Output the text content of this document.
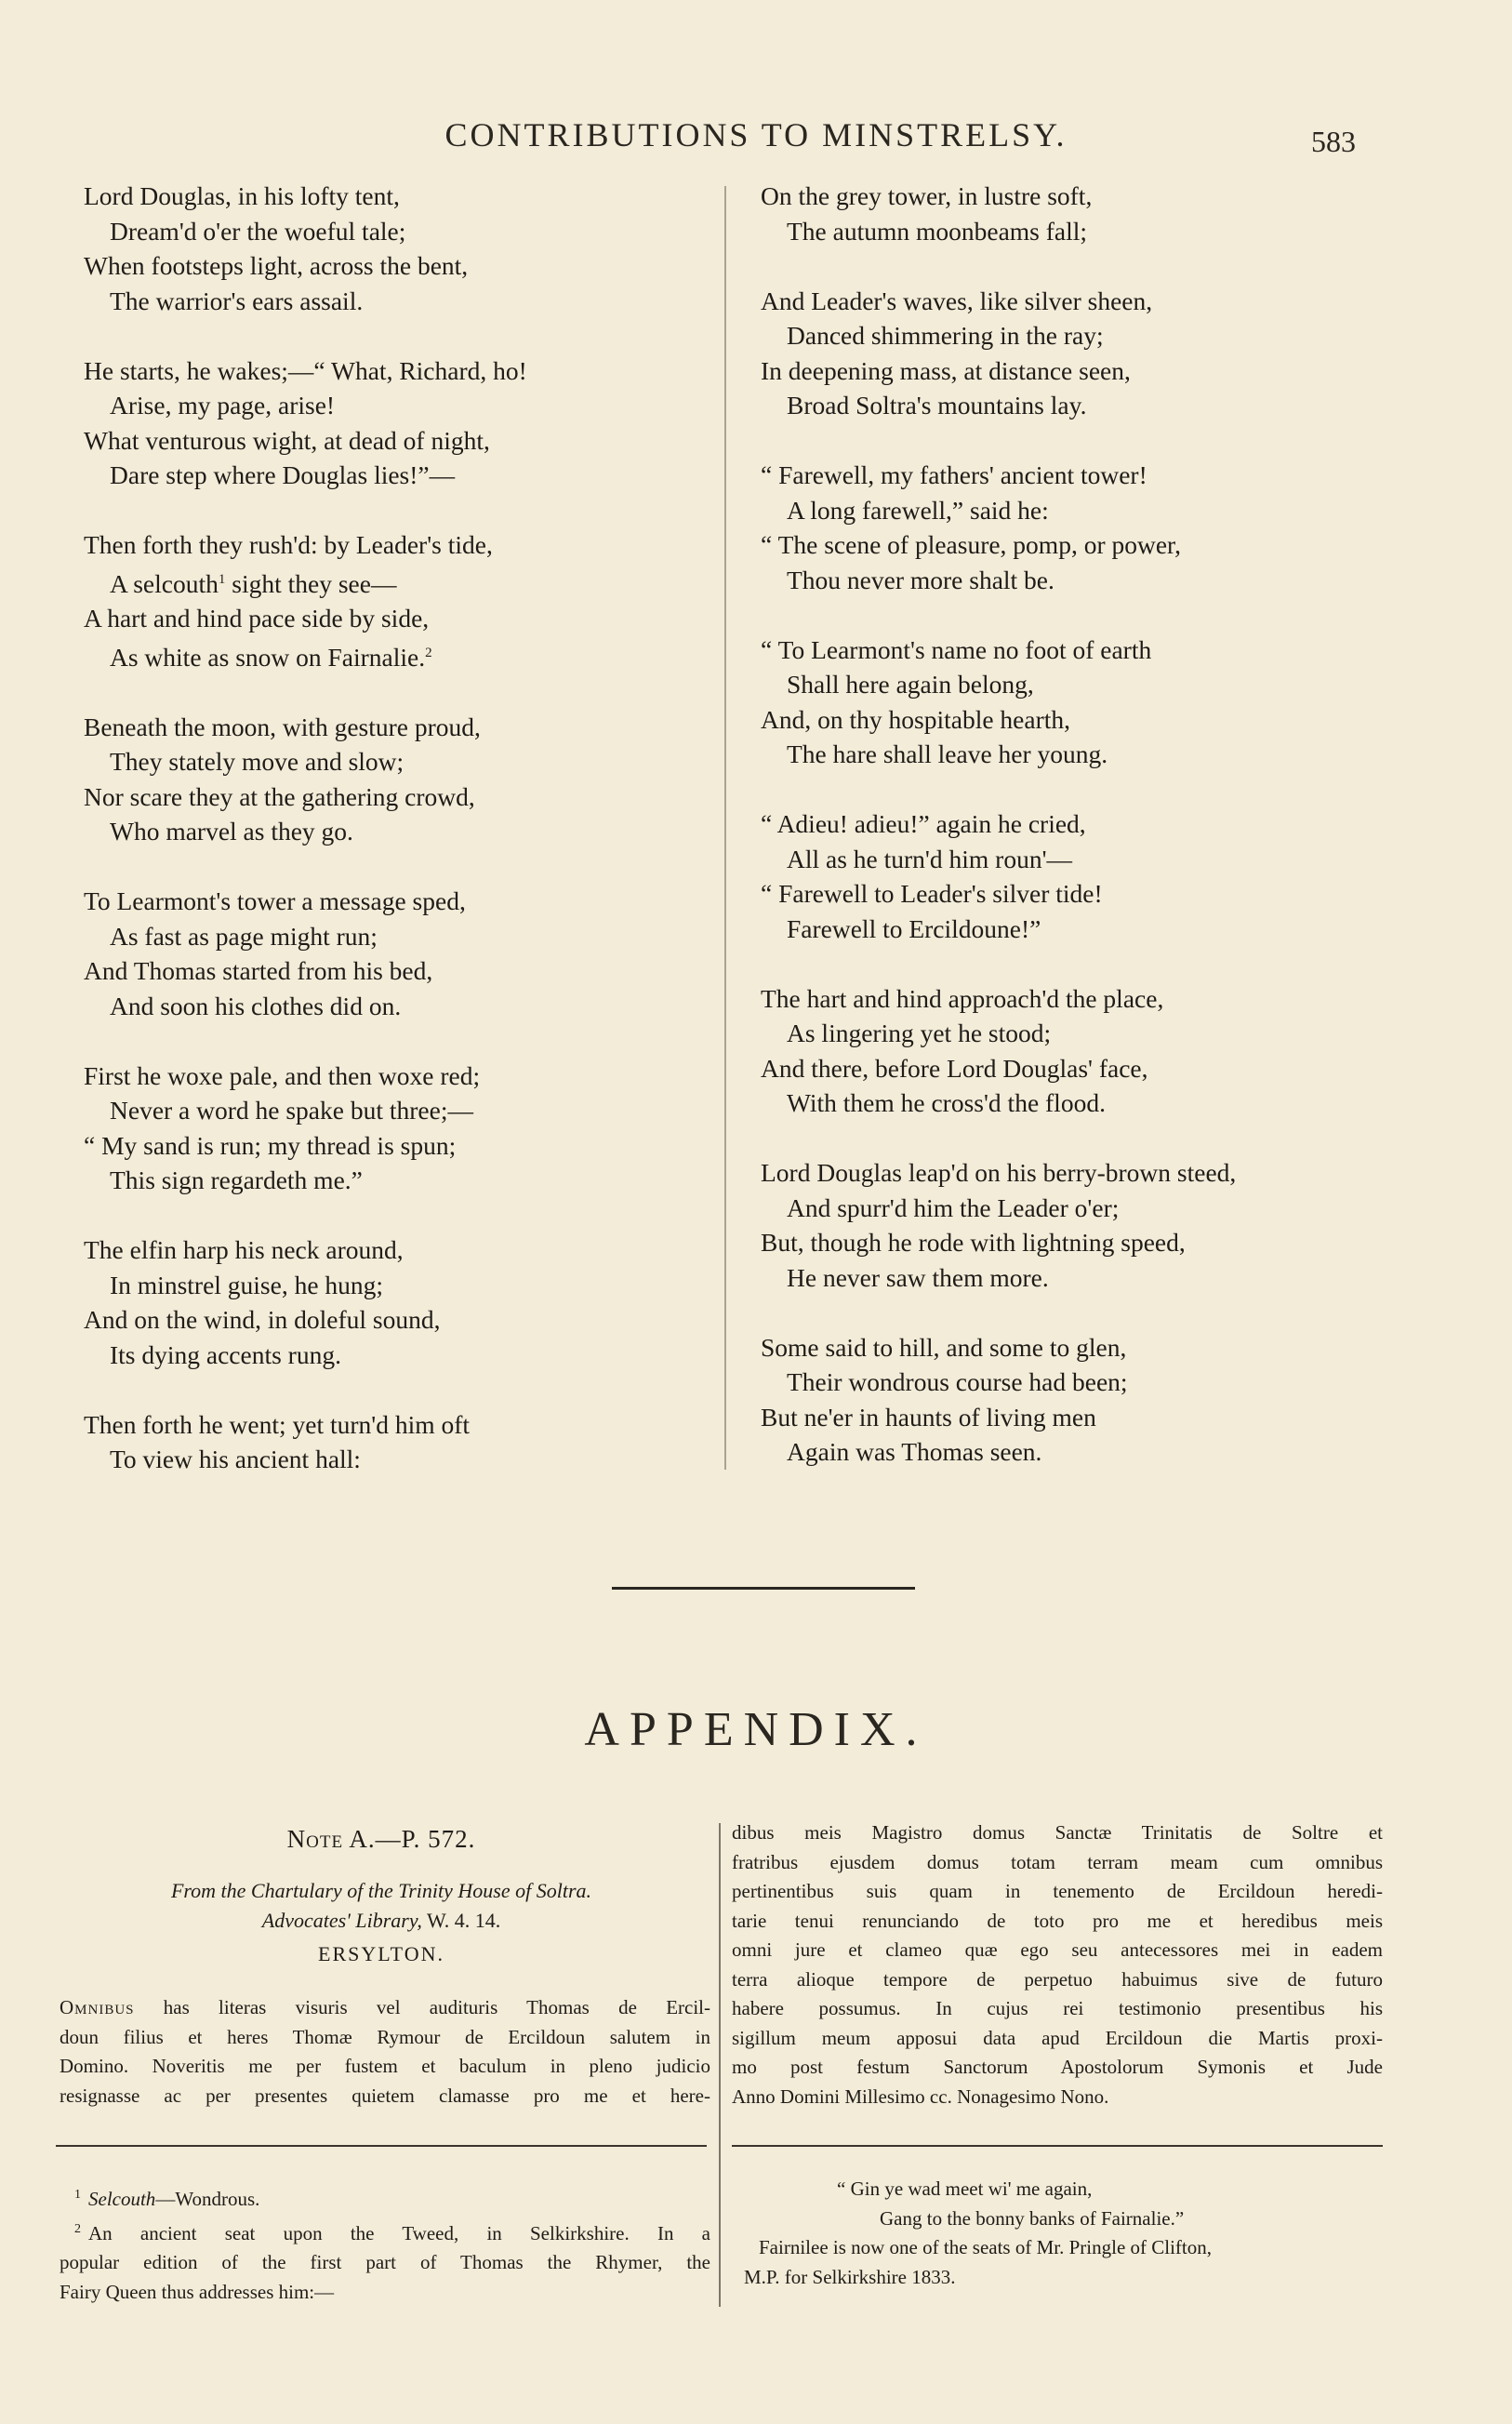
CONTRIBUTIONS TO MINSTRELSY.	583
Lord Douglas, in his lofty tent,
Dream'd o'er the woeful tale;
When footsteps light, across the bent,
The warrior's ears assail.
He starts, he wakes;—“ What, Richard, ho!
Arise, my page, arise!
What venturous wight, at dead of night,
Dare step where Douglas lies!”—
Then forth they rush'd: by Leader's tide,
A selcouth$^1$ sight they see—
A hart and hind pace side by side,
As white as snow on Fairnalie.$^2$
Beneath the moon, with gesture proud,
They stately move and slow;
Nor scare they at the gathering crowd,
Who marvel as they go.
To Learmont's tower a message sped,
As fast as page might run;
And Thomas started from his bed,
And soon his clothes did on.
First he woxe pale, and then woxe red;
Never a word he spake but three;—
“ My sand is run; my thread is spun;
This sign regardeth me.”
The elfin harp his neck around,
In minstrel guise, he hung;
And on the wind, in doleful sound,
Its dying accents rung.
Then forth he went; yet turn'd him oft
To view his ancient hall:
On the grey tower, in lustre soft,
The autumn moonbeams fall;
And Leader's waves, like silver sheen,
Danced shimmering in the ray;
In deepening mass, at distance seen,
Broad Soltra's mountains lay.
“ Farewell, my fathers' ancient tower!
A long farewell,” said he:
“ The scene of pleasure, pomp, or power,
Thou never more shalt be.
“ To Learmont's name no foot of earth
Shall here again belong,
And, on thy hospitable hearth,
The hare shall leave her young.
“ Adieu! adieu!” again he cried,
All as he turn'd him roun'—
“ Farewell to Leader's silver tide!
Farewell to Ercildoune!”
The hart and hind approach'd the place,
As lingering yet he stood;
And there, before Lord Douglas' face,
With them he cross'd the flood.
Lord Douglas leap'd on his berry-brown steed,
And spurr'd him the Leader o'er;
But, though he rode with lightning speed,
He never saw them more.
Some said to hill, and some to glen,
Their wondrous course had been;
But ne'er in haunts of living men
Again was Thomas seen.
APPENDIX.
Note A.—P. 572.
From the Chartulary of the Trinity House of Soltra.
Advocates' Library, W. 4. 14.
ERSYLTON.
Omnibus has literas visuris vel audituris Thomas de Ercil-
doun filius et heres Thomæ Rymour de Ercildoun salutem in
Domino. Noveritis me per fustem et baculum in pleno judicio
resignasse ac per presentes quietem clamasse pro me et here-
dibus meis Magistro domus Sanctæ Trinitatis de Soltre et
fratribus ejusdem domus totam terram meam cum omnibus
pertinentibus suis quam in tenemento de Ercildoun heredi-
tarie tenui renunciando de toto pro me et heredibus meis
omni jure et clameo quæ ego seu antecessores mei in eadem
terra alioque tempore de perpetuo habuimus sive de futuro
habere possumus. In cujus rei testimonio presentibus his
sigillum meum apposui data apud Ercildoun die Martis proxi-
mo post festum Sanctorum Apostolorum Symonis et Jude
Anno Domini Millesimo cc. Nonagesimo Nono.
$^1$ Selcouth—Wondrous.
$^2$ An ancient seat upon the Tweed, in Selkirkshire. In a
popular edition of the first part of Thomas the Rhymer, the
Fairy Queen thus addresses him:—
“ Gin ye wad meet wi' me again,
Gang to the bonny banks of Fairnalie.”
Fairnilee is now one of the seats of Mr. Pringle of Clifton,
M.P. for Selkirkshire 1833.
